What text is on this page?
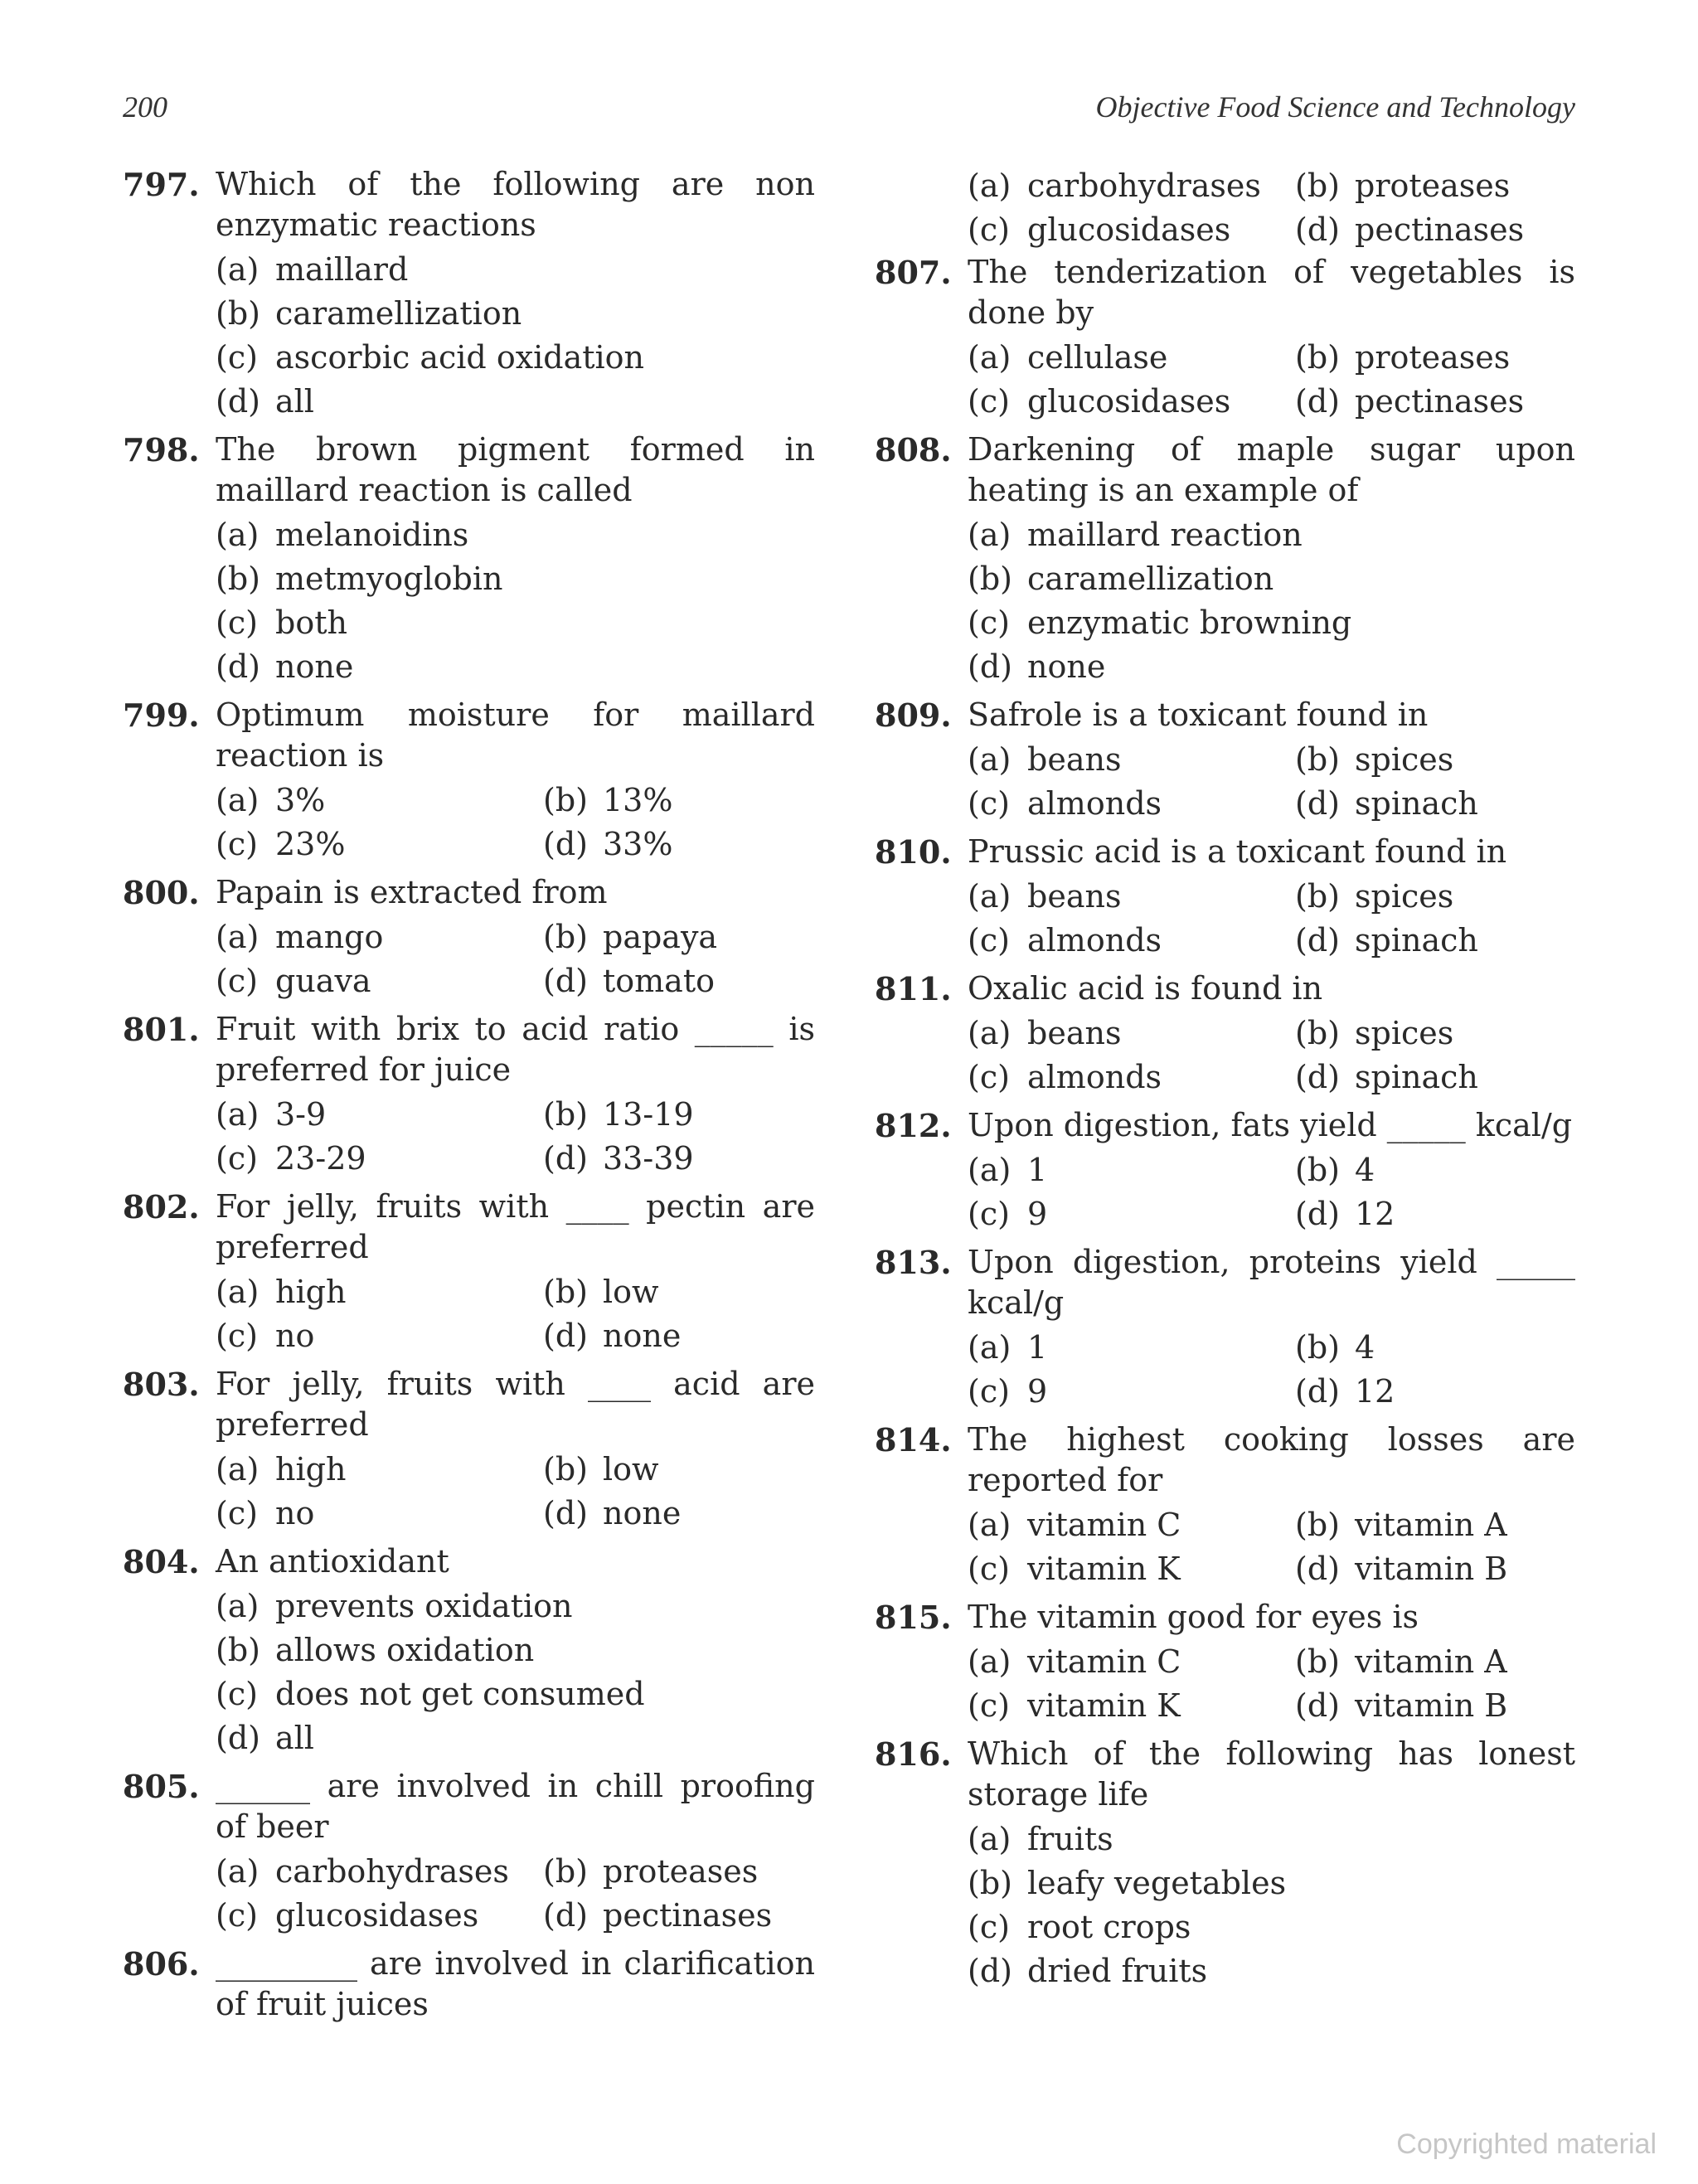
200	Objective Food Science and Technology
797. Which of the following are non enzymatic reactions
(a) maillard
(b) caramellization
(c) ascorbic acid oxidation
(d) all
798. The brown pigment formed in maillard reaction is called
(a) melanoidins
(b) metmyoglobin
(c) both
(d) none
799. Optimum moisture for maillard reaction is
(a) 3%	(b) 13%
(c) 23%	(d) 33%
800. Papain is extracted from
(a) mango	(b) papaya
(c) guava	(d) tomato
801. Fruit with brix to acid ratio _____ is preferred for juice
(a) 3-9	(b) 13-19
(c) 23-29	(d) 33-39
802. For jelly, fruits with ____ pectin are preferred
(a) high	(b) low
(c) no	(d) none
803. For jelly, fruits with ____ acid are preferred
(a) high	(b) low
(c) no	(d) none
804. An antioxidant
(a) prevents oxidation
(b) allows oxidation
(c) does not get consumed
(d) all
805. ______ are involved in chill proofing of beer
(a) carbohydrases (b) proteases
(c) glucosidases (d) pectinases
806. _________ are involved in clarification of fruit juices
(a) carbohydrases (b) proteases
(c) glucosidases (d) pectinases
807. The tenderization of vegetables is done by
(a) cellulase	(b) proteases
(c) glucosidases (d) pectinases
808. Darkening of maple sugar upon heating is an example of
(a) maillard reaction
(b) caramellization
(c) enzymatic browning
(d) none
809. Safrole is a toxicant found in
(a) beans	(b) spices
(c) almonds	(d) spinach
810. Prussic acid is a toxicant found in
(a) beans	(b) spices
(c) almonds	(d) spinach
811. Oxalic acid is found in
(a) beans	(b) spices
(c) almonds	(d) spinach
812. Upon digestion, fats yield _____ kcal/g
(a) 1	(b) 4
(c) 9	(d) 12
813. Upon digestion, proteins yield _____ kcal/g
(a) 1	(b) 4
(c) 9	(d) 12
814. The highest cooking losses are reported for
(a) vitamin C	(b) vitamin A
(c) vitamin K	(d) vitamin B
815. The vitamin good for eyes is
(a) vitamin C	(b) vitamin A
(c) vitamin K	(d) vitamin B
816. Which of the following has lonest storage life
(a) fruits
(b) leafy vegetables
(c) root crops
(d) dried fruits
Copyrighted material
